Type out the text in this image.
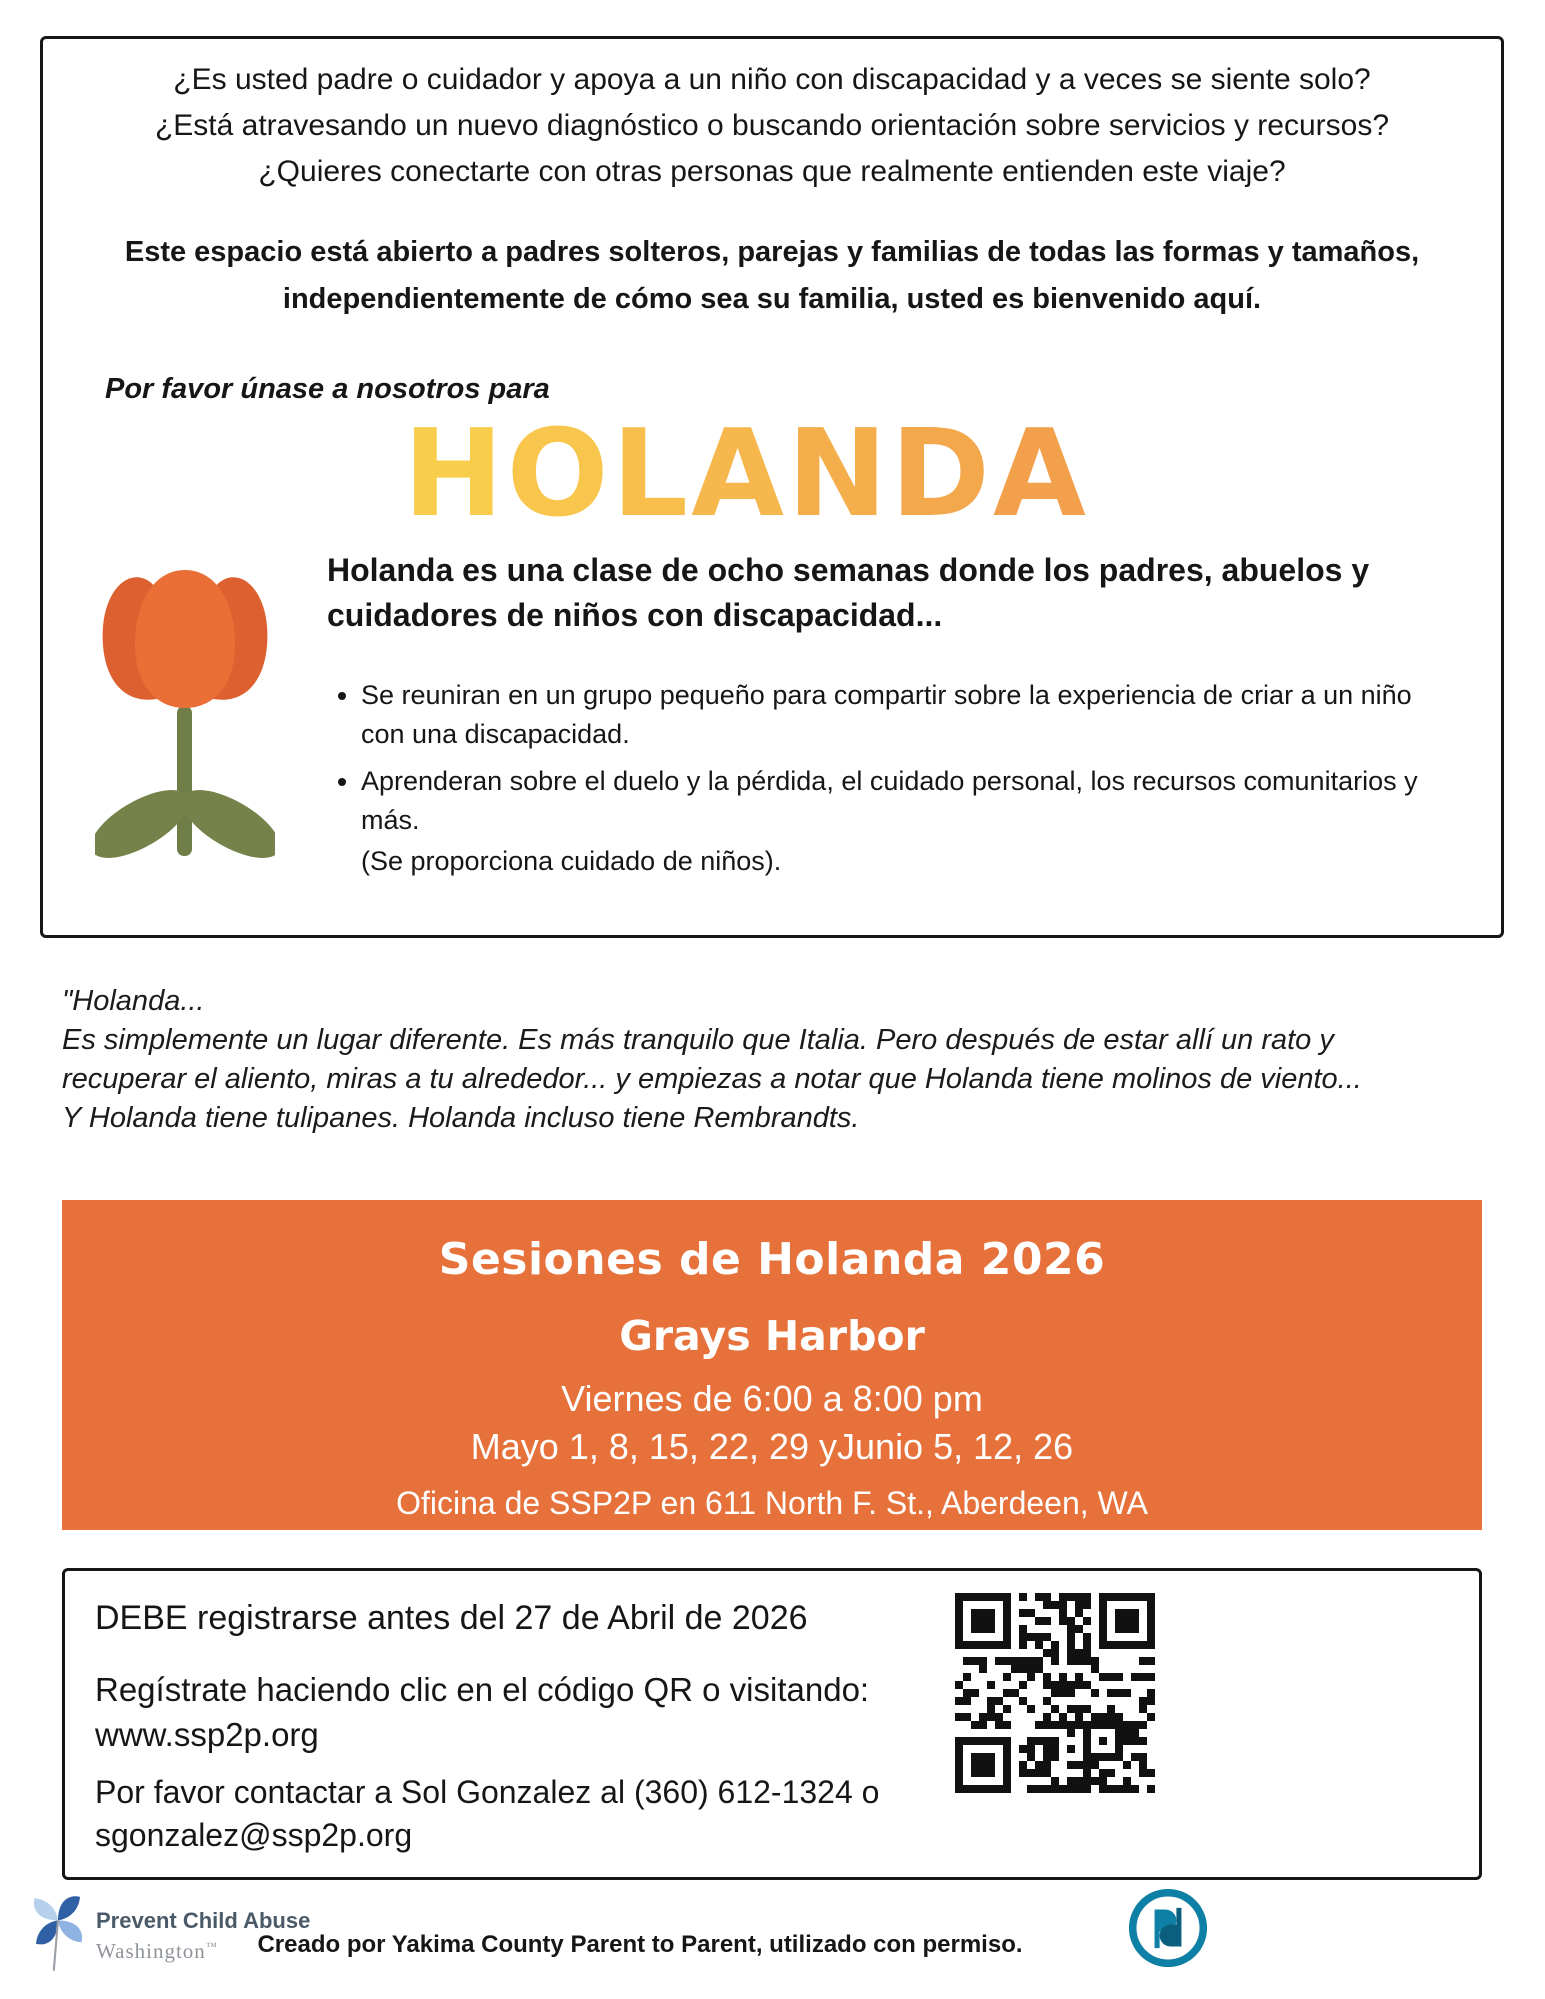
¿Es usted padre o cuidador y apoya a un niño con discapacidad y a veces se siente solo?
¿Está atravesando un nuevo diagnóstico o buscando orientación sobre servicios y recursos?
¿Quieres conectarte con otras personas que realmente entienden este viaje?
Este espacio está abierto a padres solteros, parejas y familias de todas las formas y tamaños,
independientemente de cómo sea su familia, usted es bienvenido aquí.
Por favor únase a nosotros para
HOLANDA
Holanda es una clase de ocho semanas donde los padres, abuelos y
cuidadores de niños con discapacidad...
• Se reuniran en un grupo pequeño para compartir sobre la experiencia de criar a un niño con una discapacidad.
• Aprenderan sobre el duelo y la pérdida, el cuidado personal, los recursos comunitarios y más.
(Se proporciona cuidado de niños).
"Holanda...
Es simplemente un lugar diferente. Es más tranquilo que Italia. Pero después de estar allí un rato y
recuperar el aliento, miras a tu alrededor... y empiezas a notar que Holanda tiene molinos de viento...
Y Holanda tiene tulipanes. Holanda incluso tiene Rembrandts.
Sesiones de Holanda 2026
Grays Harbor
Viernes de 6:00 a 8:00 pm
Mayo 1, 8, 15, 22, 29 yJunio 5, 12, 26
Oficina de SSP2P en 611 North F. St., Aberdeen, WA
DEBE registrarse antes del 27 de Abril de 2026
Regístrate haciendo clic en el código QR o visitando:
www.ssp2p.org
Por favor contactar a Sol Gonzalez al (360) 612-1324 o
sgonzalez@ssp2p.org
Prevent Child Abuse
Washington™	Creado por Yakima County Parent to Parent, utilizado con permiso.
